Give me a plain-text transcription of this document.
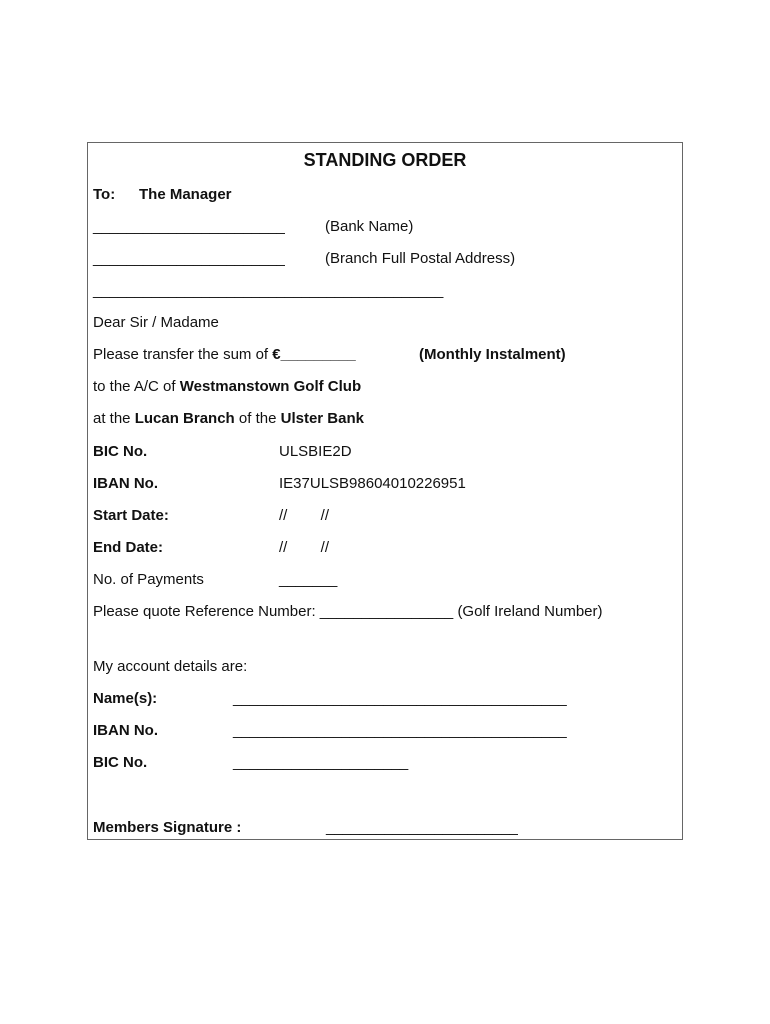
STANDING ORDER
To: The Manager
_______________________	(Bank Name)
_______________________	(Branch Full Postal Address)
__________________________________________
Dear Sir / Madame
Please transfer the sum of €_________	(Monthly Instalment)
to the A/C of Westmanstown Golf Club
at the Lucan Branch of the Ulster Bank
BIC No.	ULSBIE2D
IBAN No.	IE37ULSB98604010226951
Start Date:	//        //
End Date:	//        //
No. of Payments	_______
Please quote Reference Number: ________________ (Golf Ireland Number)
My account details are:
Name(s):	________________________________________
IBAN No.	________________________________________
BIC No.	_____________________
Members Signature :	_______________________
